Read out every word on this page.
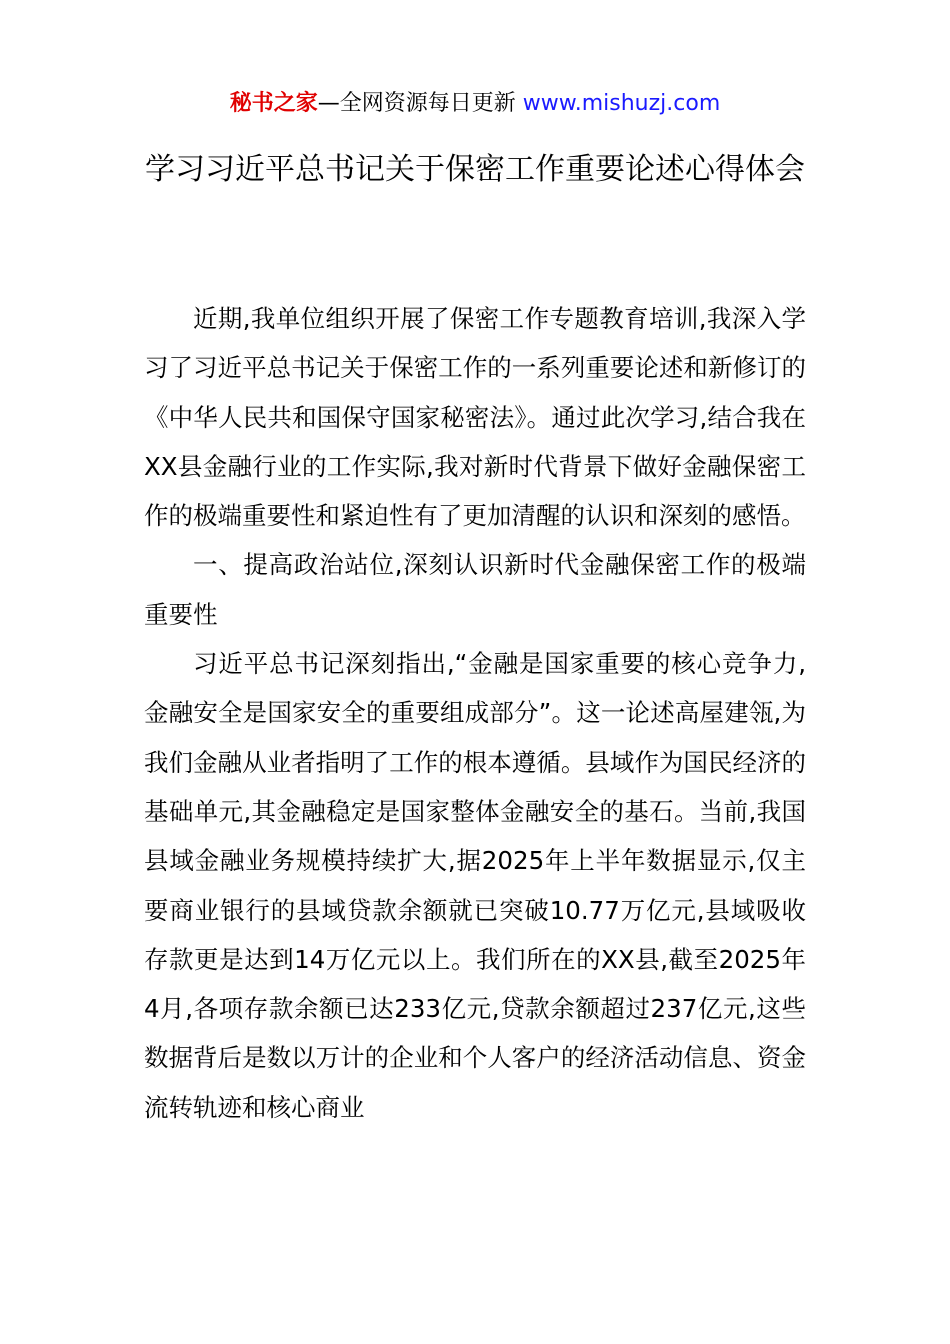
秘书之家—全网资源每日更新 www.mishuzj.com
学习习近平总书记关于保密工作重要论述心得体会

近期,我单位组织开展了保密工作专题教育培训,我深入学习了习近平总书记关于保密工作的一系列重要论述和新修订的《中华人民共和国保守国家秘密法》。通过此次学习,结合我在XX县金融行业的工作实际,我对新时代背景下做好金融保密工作的极端重要性和紧迫性有了更加清醒的认识和深刻的感悟。

一、提高政治站位,深刻认识新时代金融保密工作的极端重要性

习近平总书记深刻指出,“金融是国家重要的核心竞争力,金融安全是国家安全的重要组成部分”。这一论述高屋建瓴,为我们金融从业者指明了工作的根本遵循。县域作为国民经济的基础单元,其金融稳定是国家整体金融安全的基石。当前,我国县域金融业务规模持续扩大,据2025年上半年数据显示,仅主要商业银行的县域贷款余额就已突破10.77万亿元,县域吸收存款更是达到14万亿元以上。我们所在的XX县,截至2025年4月,各项存款余额已达233亿元,贷款余额超过237亿元,这些数据背后是数以万计的企业和个人客户的经济活动信息、资金流转轨迹和核心商业
